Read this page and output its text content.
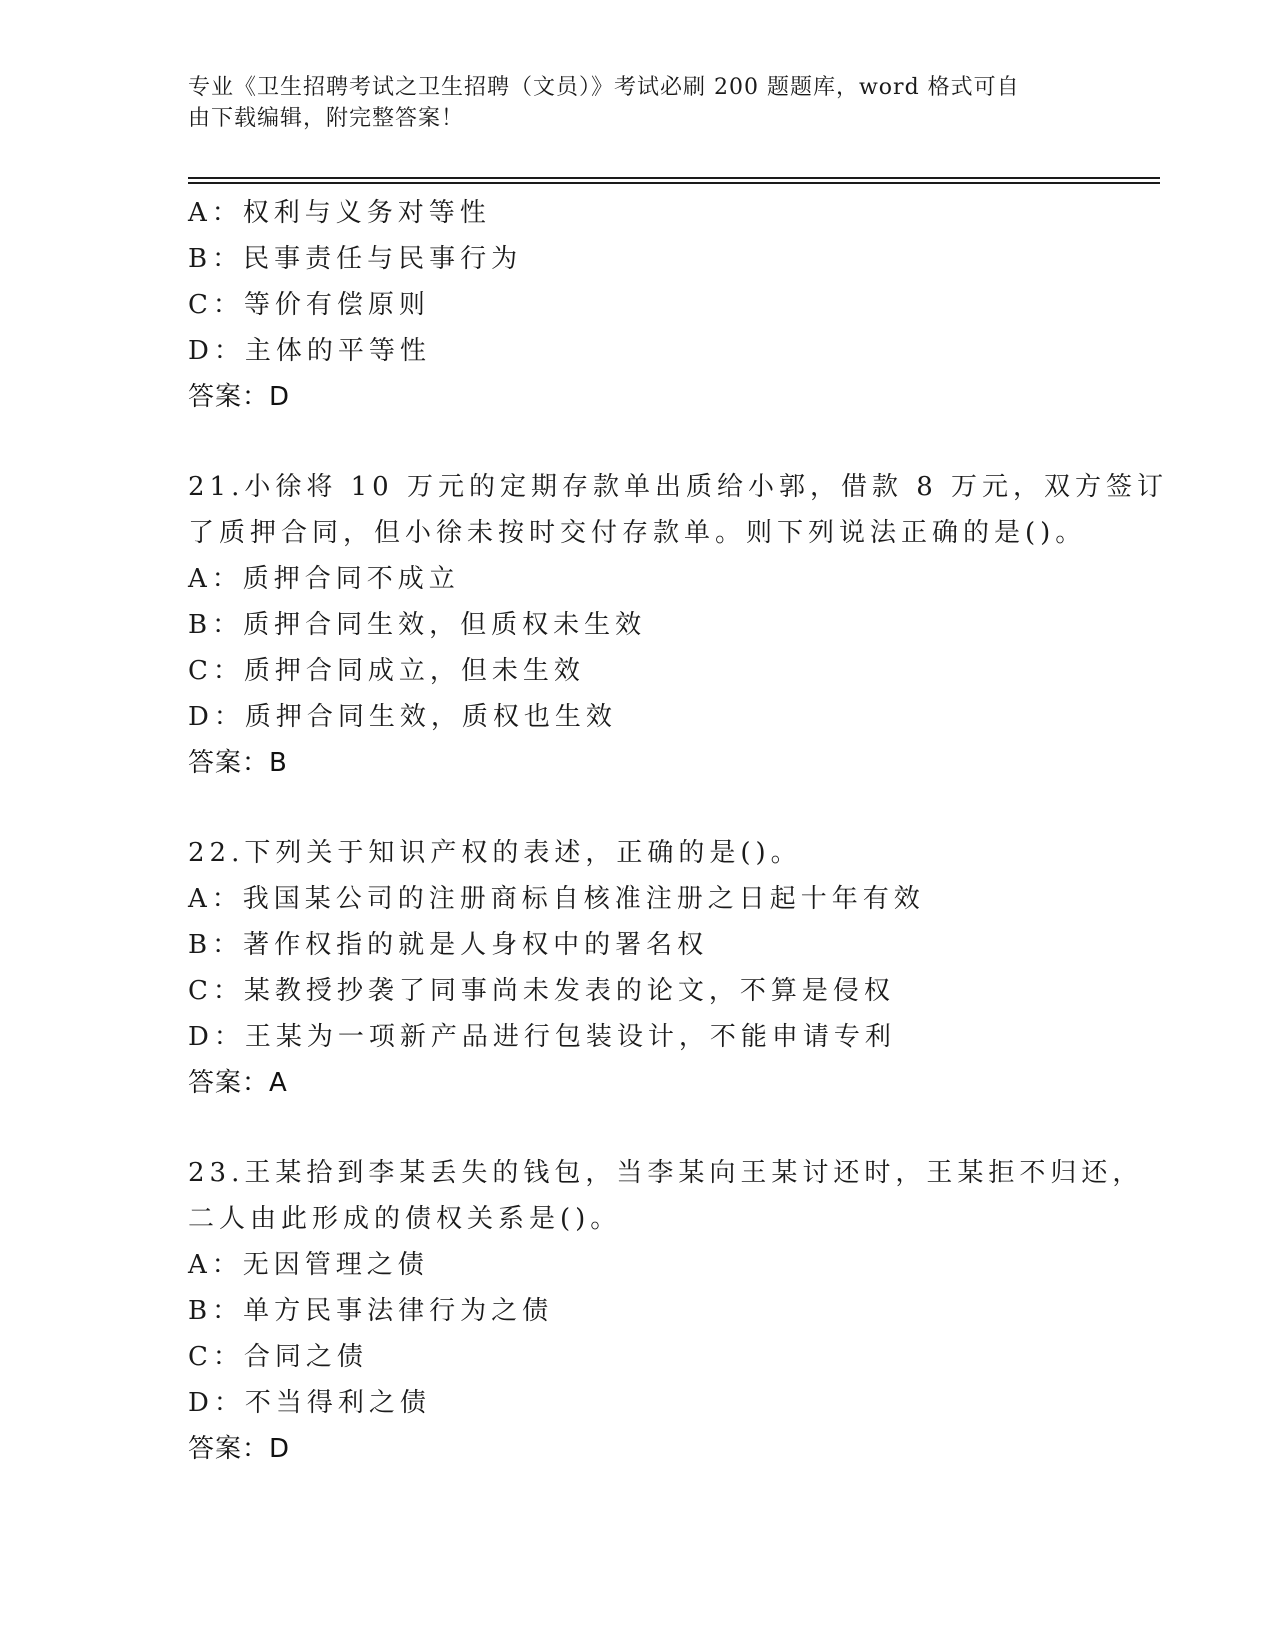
专业《卫生招聘考试之卫生招聘（文员）》考试必刷 200 题题库，word 格式可自
由下载编辑，附完整答案！
A：权利与义务对等性
B：民事责任与民事行为
C：等价有偿原则
D：主体的平等性
答案：D
21.小徐将 10 万元的定期存款单出质给小郭，借款 8 万元，双方签订
了质押合同，但小徐未按时交付存款单。则下列说法正确的是()。
A：质押合同不成立
B：质押合同生效，但质权未生效
C：质押合同成立，但未生效
D：质押合同生效，质权也生效
答案：B
22.下列关于知识产权的表述，正确的是()。
A：我国某公司的注册商标自核准注册之日起十年有效
B：著作权指的就是人身权中的署名权
C：某教授抄袭了同事尚未发表的论文，不算是侵权
D：王某为一项新产品进行包装设计，不能申请专利
答案：A
23.王某拾到李某丢失的钱包，当李某向王某讨还时，王某拒不归还，
二人由此形成的债权关系是()。
A：无因管理之债
B：单方民事法律行为之债
C：合同之债
D：不当得利之债
答案：D
